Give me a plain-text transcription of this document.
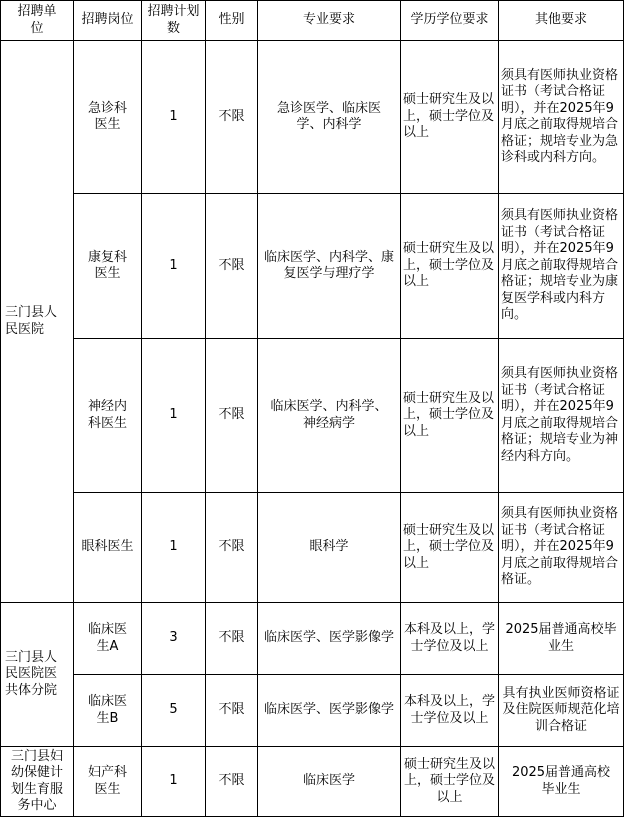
招聘单位	招聘岗位	招聘计划数	性别	专业要求	学历学位要求	其他要求
三门县人民医院	急诊科医生	1	不限	急诊医学、临床医学、内科学	硕士研究生及以上，硕士学位及以上	须具有医师执业资格证书（考试合格证明），并在2025年9月底之前取得规培合格证；规培专业为急诊科或内科方向。
	康复科医生	1	不限	临床医学、内科学、康复医学与理疗学	硕士研究生及以上，硕士学位及以上	须具有医师执业资格证书（考试合格证明），并在2025年9月底之前取得规培合格证；规培专业为康复医学科或内科方向。
	神经内科医生	1	不限	临床医学、内科学、神经病学	硕士研究生及以上，硕士学位及以上	须具有医师执业资格证书（考试合格证明），并在2025年9月底之前取得规培合格证；规培专业为神经内科方向。
	眼科医生	1	不限	眼科学	硕士研究生及以上，硕士学位及以上	须具有医师执业资格证书（考试合格证明），并在2025年9月底之前取得规培合格证。
三门县人民医院医共体分院	临床医生A	3	不限	临床医学、医学影像学	本科及以上，学士学位及以上	2025届普通高校毕业生
	临床医生B	5	不限	临床医学、医学影像学	本科及以上，学士学位及以上	具有执业医师资格证及住院医师规范化培训合格证
三门县妇幼保健计划生育服务中心	妇产科医生	1	不限	临床医学	硕士研究生及以上，硕士学位及以上	2025届普通高校毕业生
